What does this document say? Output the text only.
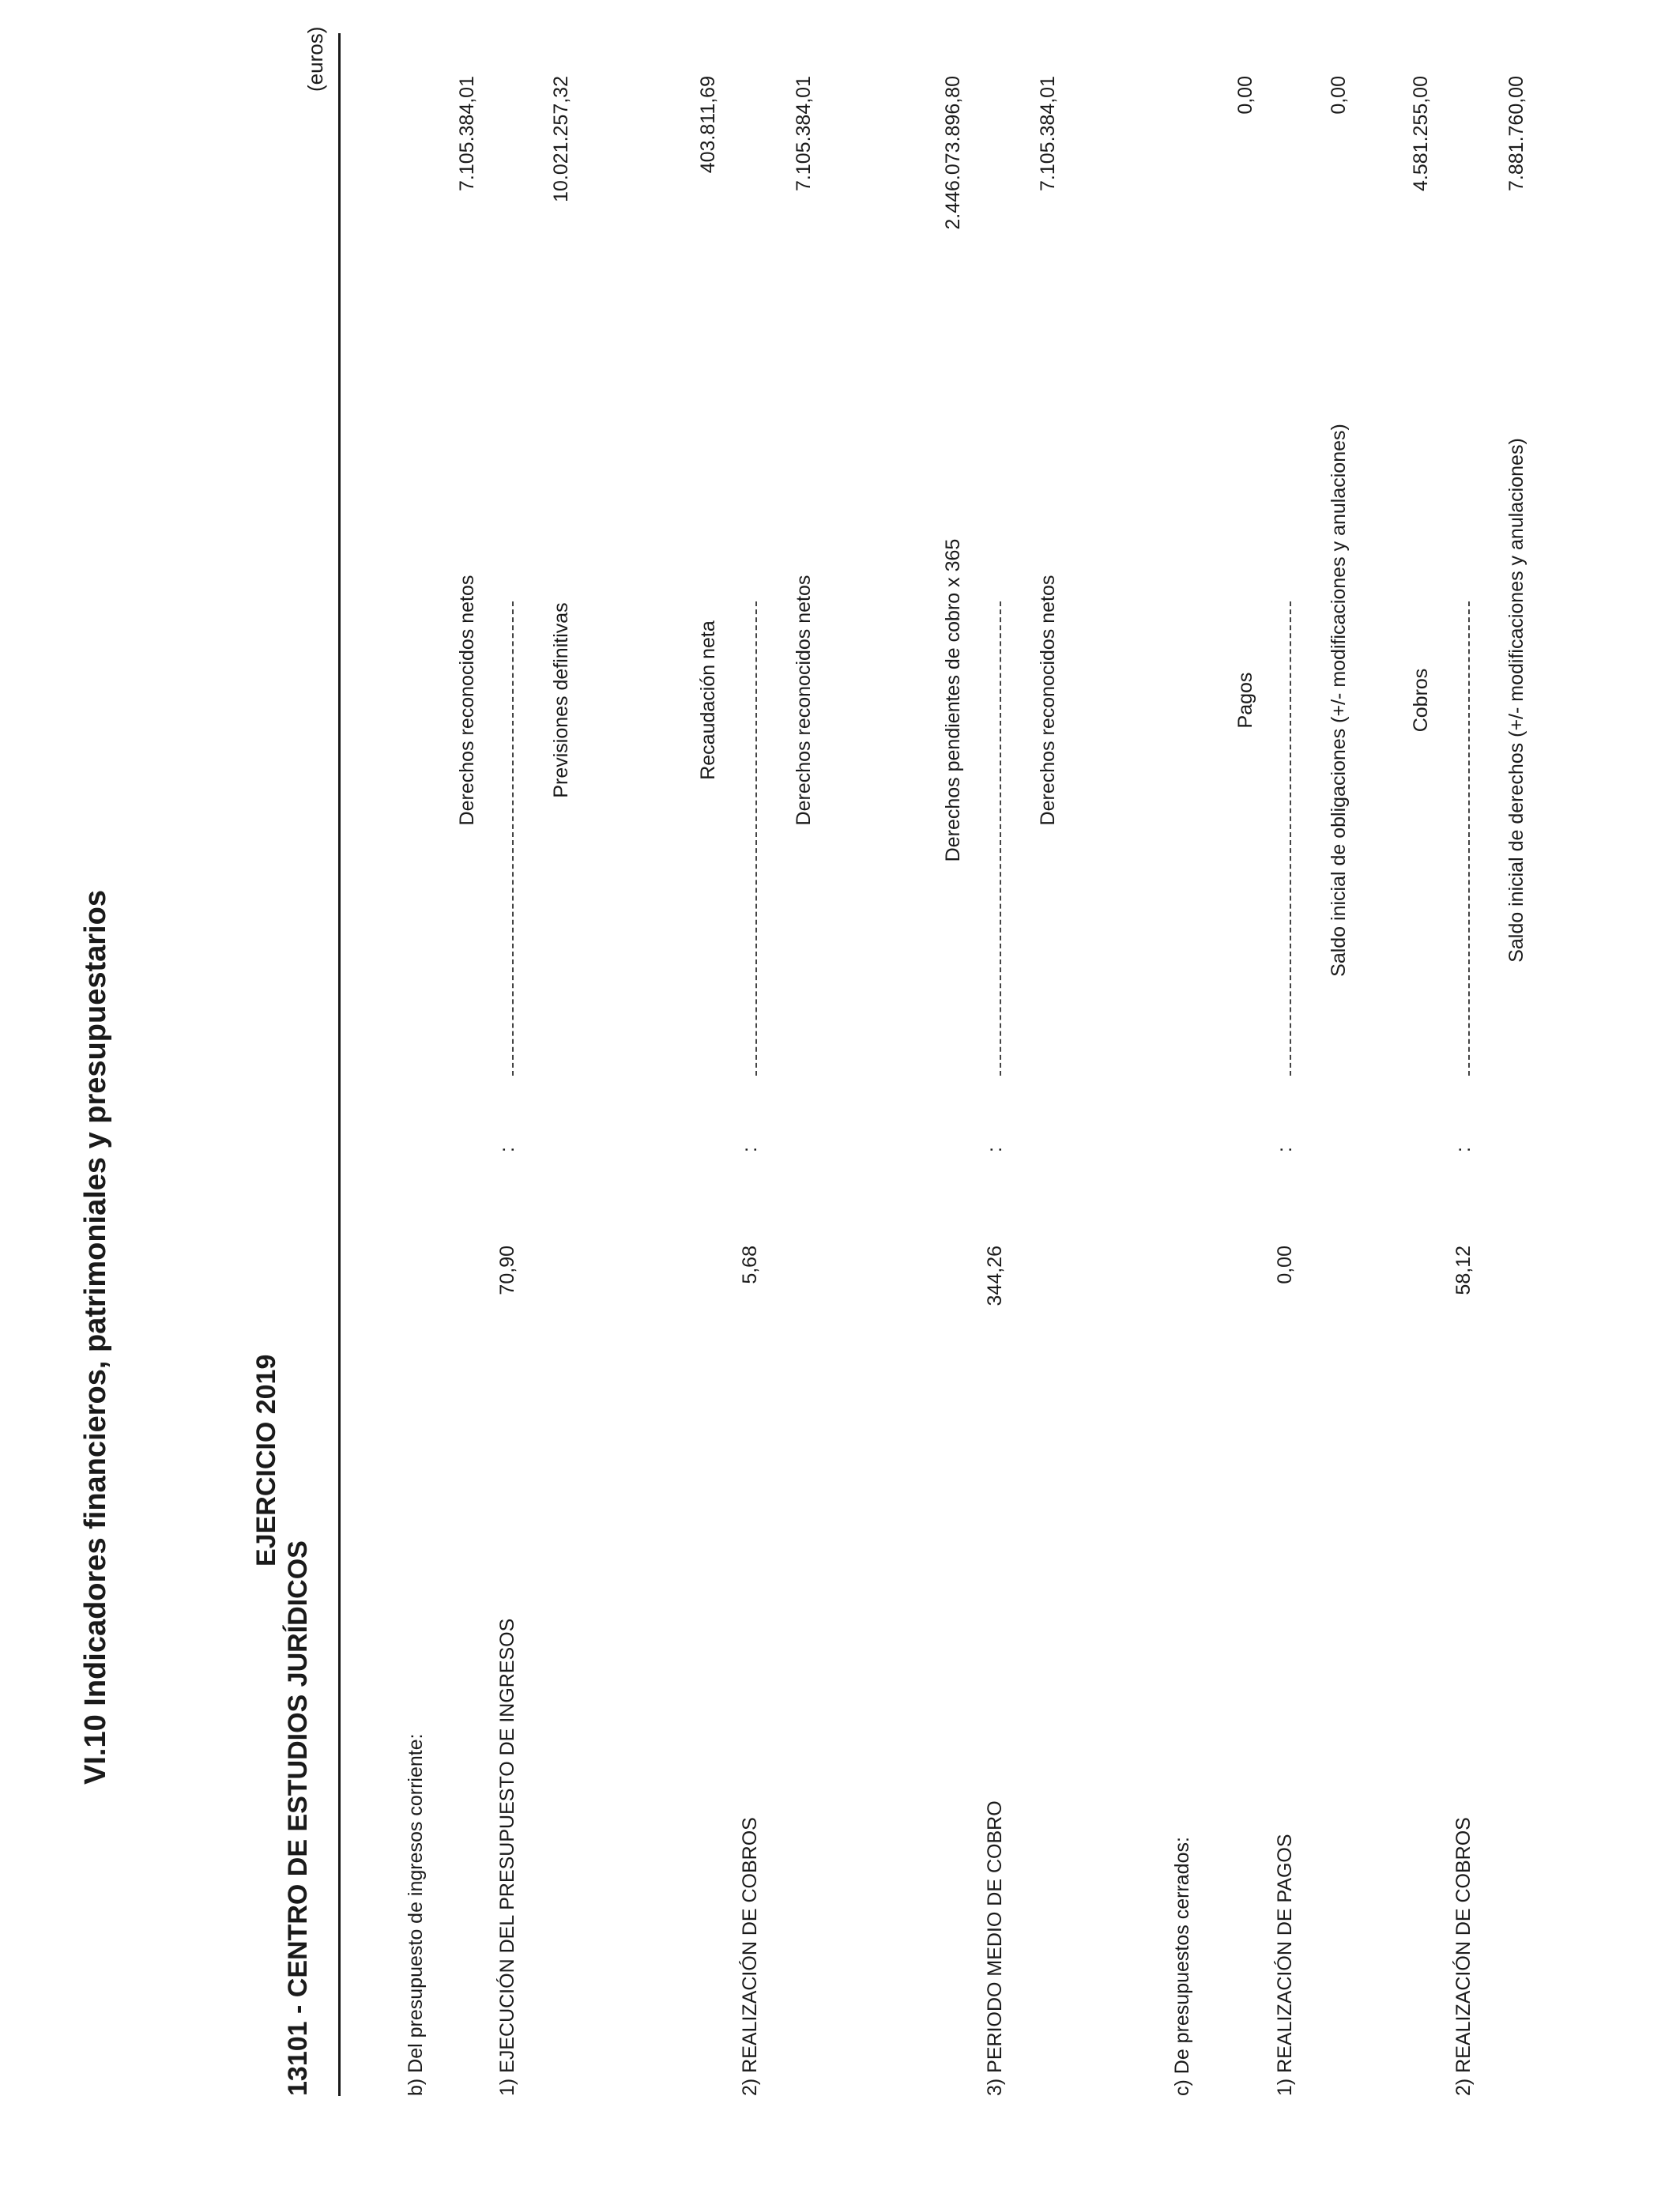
VI.10 Indicadores financieros, patrimoniales y presupuestarios	EJERCICIO 2019
13101 - CENTRO DE ESTUDIOS JURÍDICOS
(euros)
b) Del presupuesto de ingresos corriente:	1) EJECUCIÓN DEL PRESUPUESTO DE INGRESOS
70,90
:
Derechos reconocidos netos	Previsiones definitivas
7.105.384,01	10.021.257,32
2) REALIZACIÓN DE COBROS
5,68
:
Recaudación neta	Derechos reconocidos netos
403.811,69	7.105.384,01
3) PERIODO MEDIO DE COBRO
344,26
:
Derechos pendientes de cobro x 365	Derechos reconocidos netos
2.446.073.896,80	7.105.384,01
c) De presupuestos cerrados:	1) REALIZACIÓN DE PAGOS
0,00
:
Pagos	Saldo inicial de obligaciones (+/- modificaciones y anulaciones)
0,00	0,00
2) REALIZACIÓN DE COBROS
58,12
:
Cobros	Saldo inicial de derechos (+/- modificaciones y anulaciones)
4.581.255,00	7.881.760,00
